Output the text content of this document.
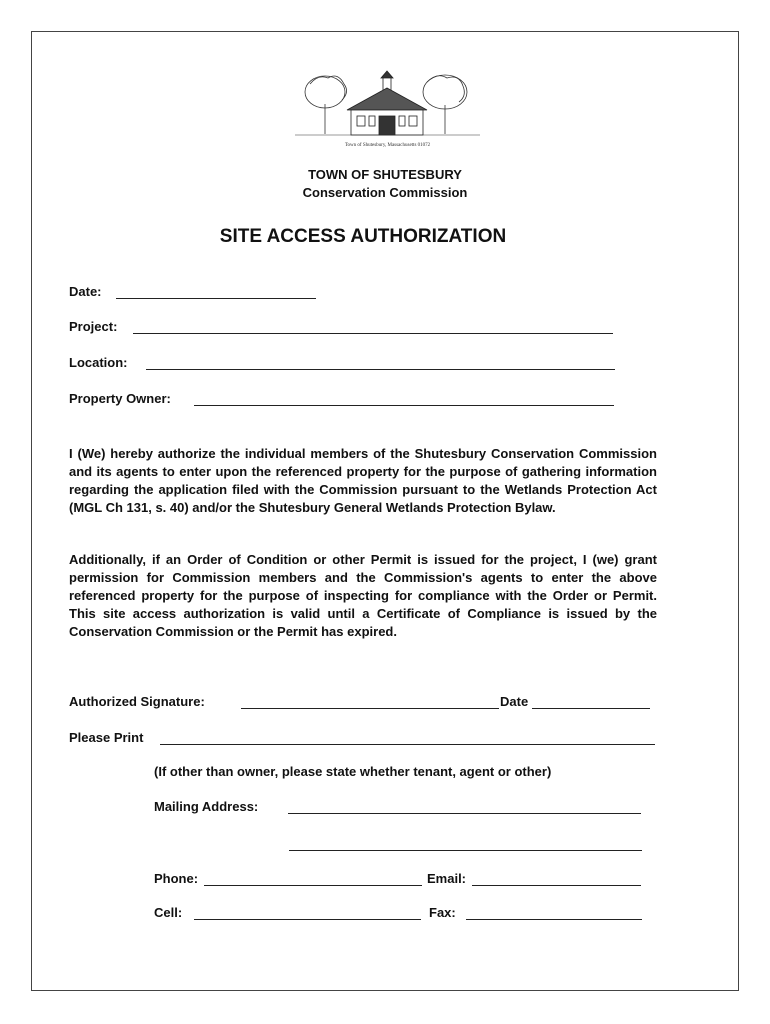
Town of Shutesbury, Massachusetts 01072
TOWN OF SHUTESBURY
Conservation Commission
SITE ACCESS AUTHORIZATION
Date:
Project:
Location:
Property Owner:
I (We) hereby authorize the individual members of the Shutesbury Conservation Commission and its agents to enter upon the referenced property for the purpose of gathering information regarding the application filed with the Commission pursuant to the Wetlands Protection Act (MGL Ch 131, s. 40) and/or the Shutesbury General Wetlands Protection Bylaw.
Additionally, if an Order of Condition or other Permit is issued for the project, I (we) grant permission for Commission members and the Commission's agents to enter the above referenced property for the purpose of inspecting for compliance with the Order or Permit. This site access authorization is valid until a Certificate of Compliance is issued by the Conservation Commission or the Permit has expired.
Authorized Signature:	Date
Please Print
(If other than owner, please state whether tenant, agent or other)
Mailing Address:
Phone:	Email:
Cell:	Fax:
